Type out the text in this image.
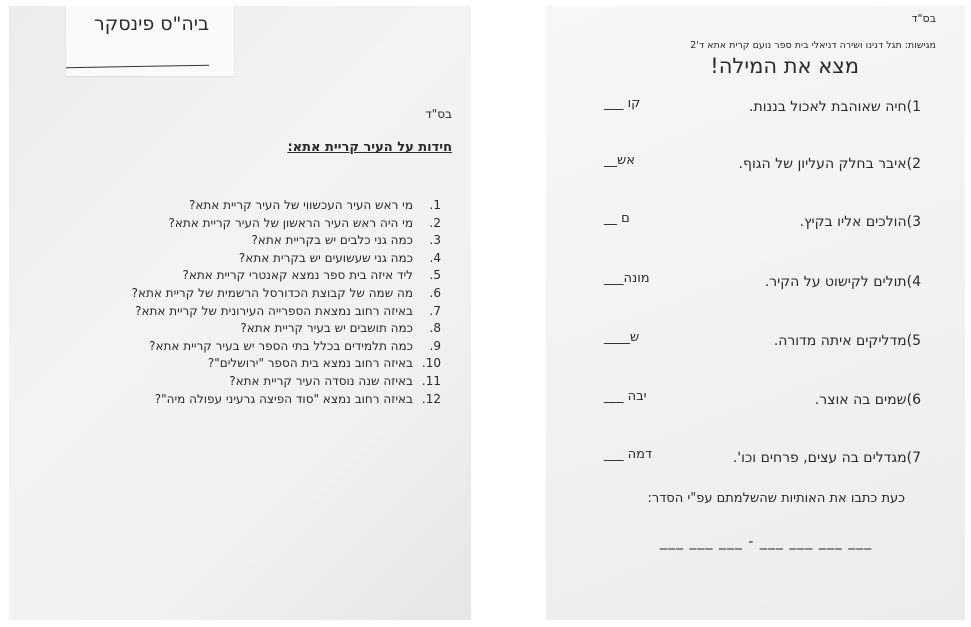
ביה"ס פינסקר
בס"ד
חידות על העיר קריית אתא:
1.
מי ראש העיר העכשווי של העיר קריית אתא?
2.
מי היה ראש העיר הראשון של העיר קריית אתא?
3.
כמה גני כלבים יש בקריית אתא?
4.
כמה גני שעשועים יש בקרית אתא?
5.
ליד איזה בית ספר נמצא קאנטרי קריית אתא?
6.
מה שמה של קבוצת הכדורסל הרשמית של קריית אתא?
7.
באיזה רחוב נמצאת הספרייה העירונית של קריית אתא?
8.
כמה תושבים יש בעיר קריית אתא?
9.
כמה תלמידים בכלל בתי הספר יש בעיר קריית אתא?
10.
באיזה רחוב נמצא בית הספר "ירושלים"?
11.
באיזה שנה נוסדה העיר קריית אתא?
12.
באיזה רחוב נמצא "סוד הפיצה גרעיני עפולה מיה"?
בס"ד
מגישות: תגל דנינו ושירה דניאלי בית ספר נועם קרית אתא ד'2
מצא את המילה!
1)חיה שאוהבת לאכול בננות.
קו ___
2)איבר בחלק העליון של הגוף.
אש__
3)הולכים אליו בקיץ.
ם __
4)תולים לקישוט על הקיר.
מונה___
5)מדליקים איתה מדורה.
ש____
6)שמים בה אוצר.
יבה ___
7)מגדלים בה עצים, פרחים וכו'.
דמה ___
כעת כתבו את האותיות שהשלמתם עפ"י הסדר:
___ ___ ___ - ___ ___ ___ ___
